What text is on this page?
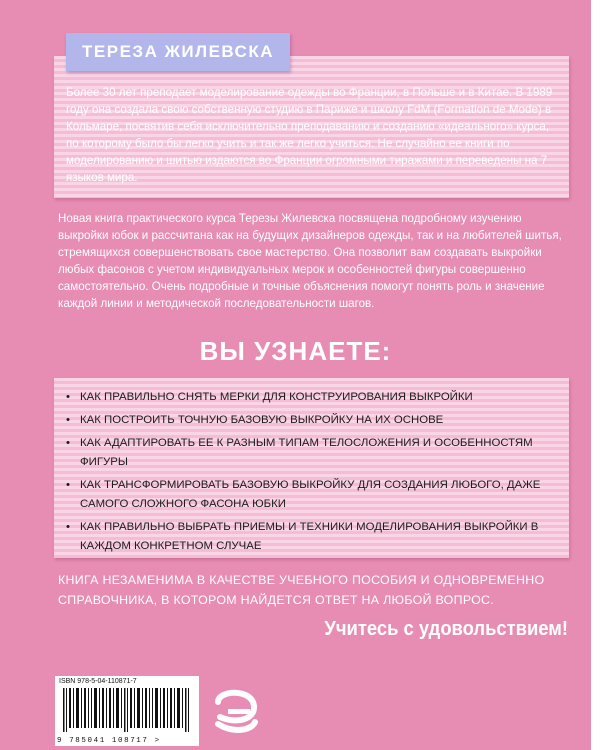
ТЕРЕЗА ЖИЛЕВСКА

Более 30 лет преподает моделирование одежды во Франции, в Польше и в Китае. В 1989 году она создала свою собственную студию в Париже и школу FdM (Formation de Mode) в Кольмаре, посвятив себя исключительно преподаванию и созданию «идеального» курса, по которому было бы легко учить и так же легко учиться. Не случайно ее книги по моделированию и шитью издаются во Франции огромными тиражами и переведены на 7 языков мира.

Новая книга практического курса Терезы Жилевска посвящена подробному изучению выкройки юбок и рассчитана как на будущих дизайнеров одежды, так и на любителей шитья, стремящихся совершенствовать свое мастерство. Она позволит вам создавать выкройки любых фасонов с учетом индивидуальных мерок и особенностей фигуры совершенно самостоятельно. Очень подробные и точные объяснения помогут понять роль и значение каждой линии и методической последовательности шагов.

ВЫ УЗНАЕТЕ:
• КАК ПРАВИЛЬНО СНЯТЬ МЕРКИ ДЛЯ КОНСТРУИРОВАНИЯ ВЫКРОЙКИ
• КАК ПОСТРОИТЬ ТОЧНУЮ БАЗОВУЮ ВЫКРОЙКУ НА ИХ ОСНОВЕ
• КАК АДАПТИРОВАТЬ ЕЕ К РАЗНЫМ ТИПАМ ТЕЛОСЛОЖЕНИЯ И ОСОБЕННОСТЯМ ФИГУРЫ
• КАК ТРАНСФОРМИРОВАТЬ БАЗОВУЮ ВЫКРОЙКУ ДЛЯ СОЗДАНИЯ ЛЮБОГО, ДАЖЕ САМОГО СЛОЖНОГО ФАСОНА ЮБКИ
• КАК ПРАВИЛЬНО ВЫБРАТЬ ПРИЕМЫ И ТЕХНИКИ МОДЕЛИРОВАНИЯ ВЫКРОЙКИ В КАЖДОМ КОНКРЕТНОМ СЛУЧАЕ

КНИГА НЕЗАМЕНИМА В КАЧЕСТВЕ УЧЕБНОГО ПОСОБИЯ И ОДНОВРЕМЕННО СПРАВОЧНИКА, В КОТОРОМ НАЙДЕТСЯ ОТВЕТ НА ЛЮБОЙ ВОПРОС.

Учитесь с удовольствием!
ISBN 978-5-04-110871-7
9 785041 108717 >
